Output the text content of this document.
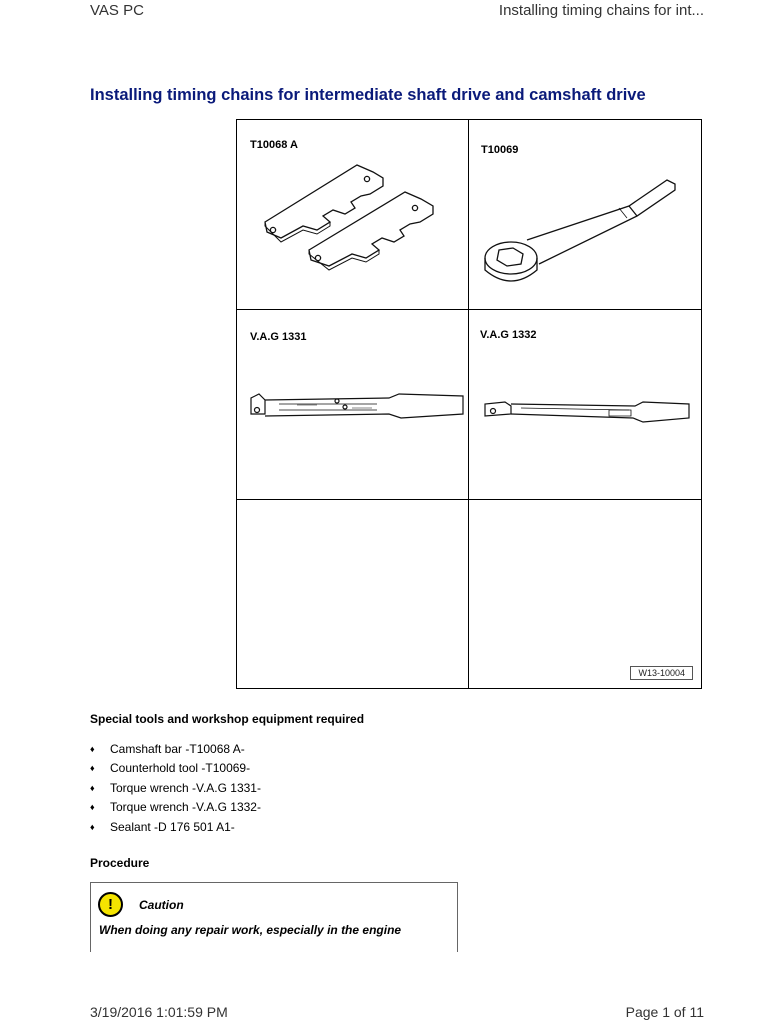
VAS PC	Installing timing chains for int...
Installing timing chains for intermediate shaft drive and camshaft drive
T10068 A	T10069
V.A.G 1331	V.A.G 1332
W13-10004
Special tools and workshop equipment required
♦	Camshaft bar -T10068 A-
♦	Counterhold tool -T10069-
♦	Torque wrench -V.A.G 1331-
♦	Torque wrench -V.A.G 1332-
♦	Sealant -D 176 501 A1-
Procedure
!	Caution
When doing any repair work, especially in the engine
3/19/2016 1:01:59 PM	Page 1 of 11
